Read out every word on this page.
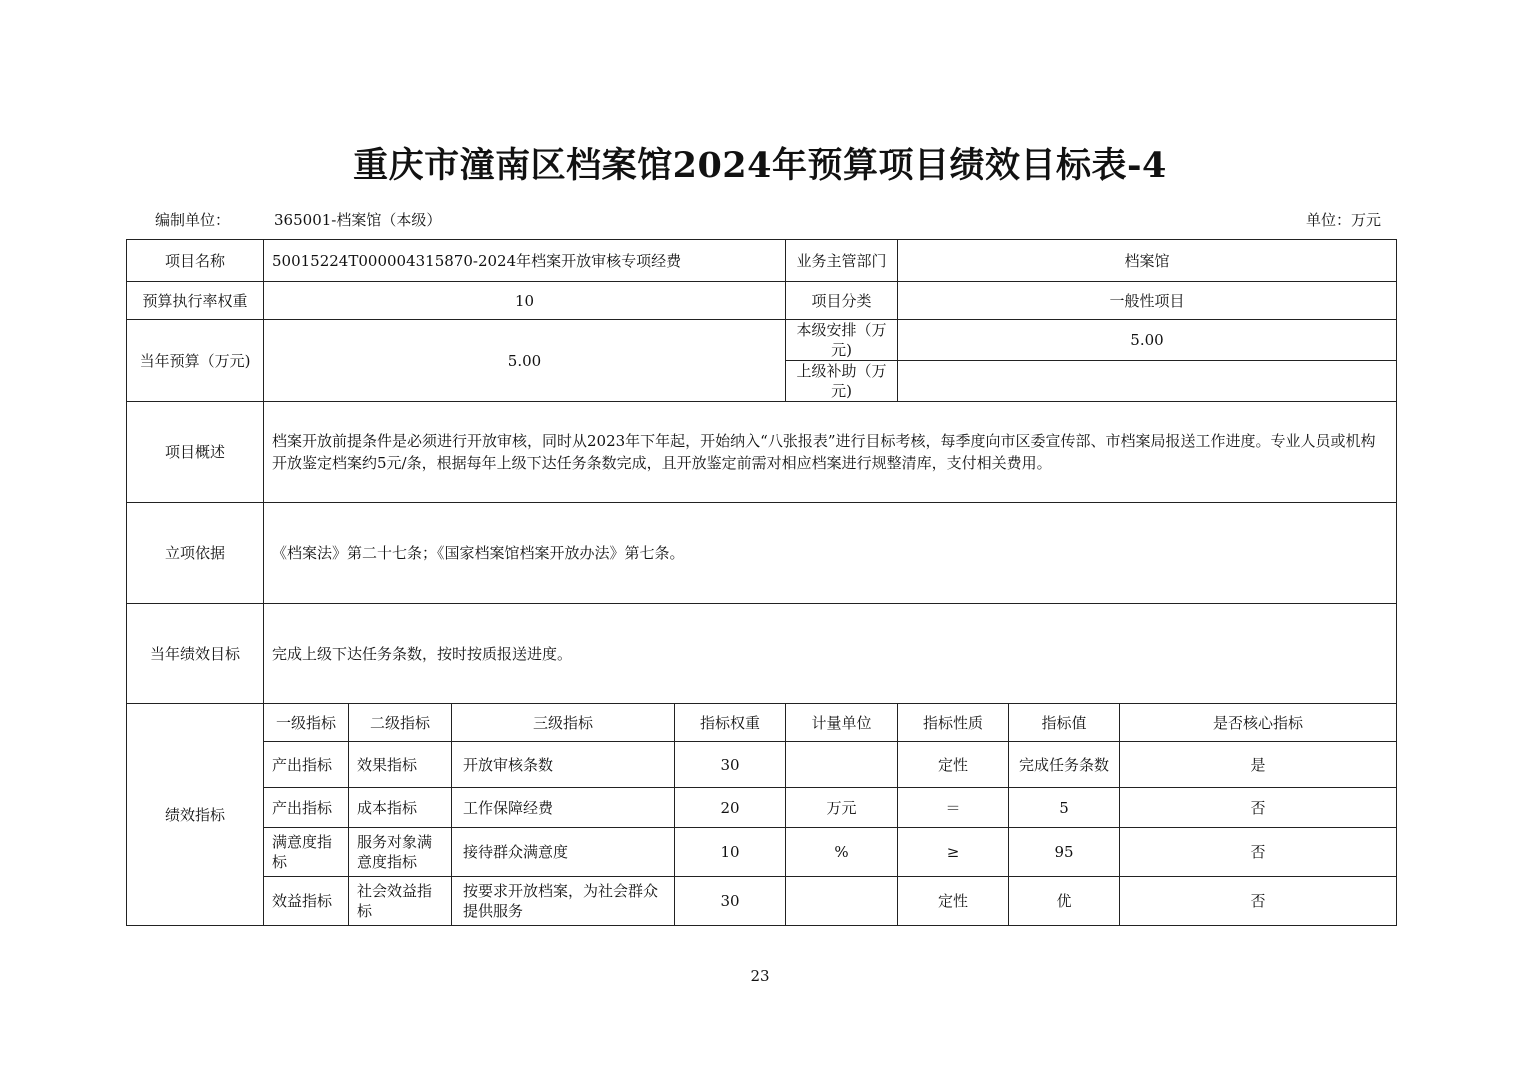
重庆市潼南区档案馆2024年预算项目绩效目标表-4
编制单位：	365001-档案馆（本级）	单位：万元
项目名称	50015224T000004315870-2024年档案开放审核专项经费				业务主管部门	档案馆		
预算执行率权重	10				项目分类	一般性项目		
当年预算（万元)	5.00				本级安排（万元)	5.00		
					上级补助（万元)			
项目概述	档案开放前提条件是必须进行开放审核，同时从2023年下年起，开始纳入“八张报表”进行目标考核，每季度向市区委宣传部、市档案局报送工作进度。专业人员或机构开放鉴定档案约5元/条，根据每年上级下达任务条数完成，且开放鉴定前需对相应档案进行规整清库，支付相关费用。							
立项依据	《档案法》第二十七条；《国家档案馆档案开放办法》第七条。							
当年绩效目标	完成上级下达任务条数，按时按质报送进度。							
绩效指标	一级指标	二级指标	三级指标	指标权重	计量单位	指标性质	指标值	是否核心指标
	产出指标	效果指标	开放审核条数	30		定性	完成任务条数	是
	产出指标	成本指标	工作保障经费	20	万元	＝	5	否
	满意度指标	服务对象满意度指标	接待群众满意度	10	%	≥	95	否
	效益指标	社会效益指标	按要求开放档案，为社会群众提供服务	30		定性	优	否
23
